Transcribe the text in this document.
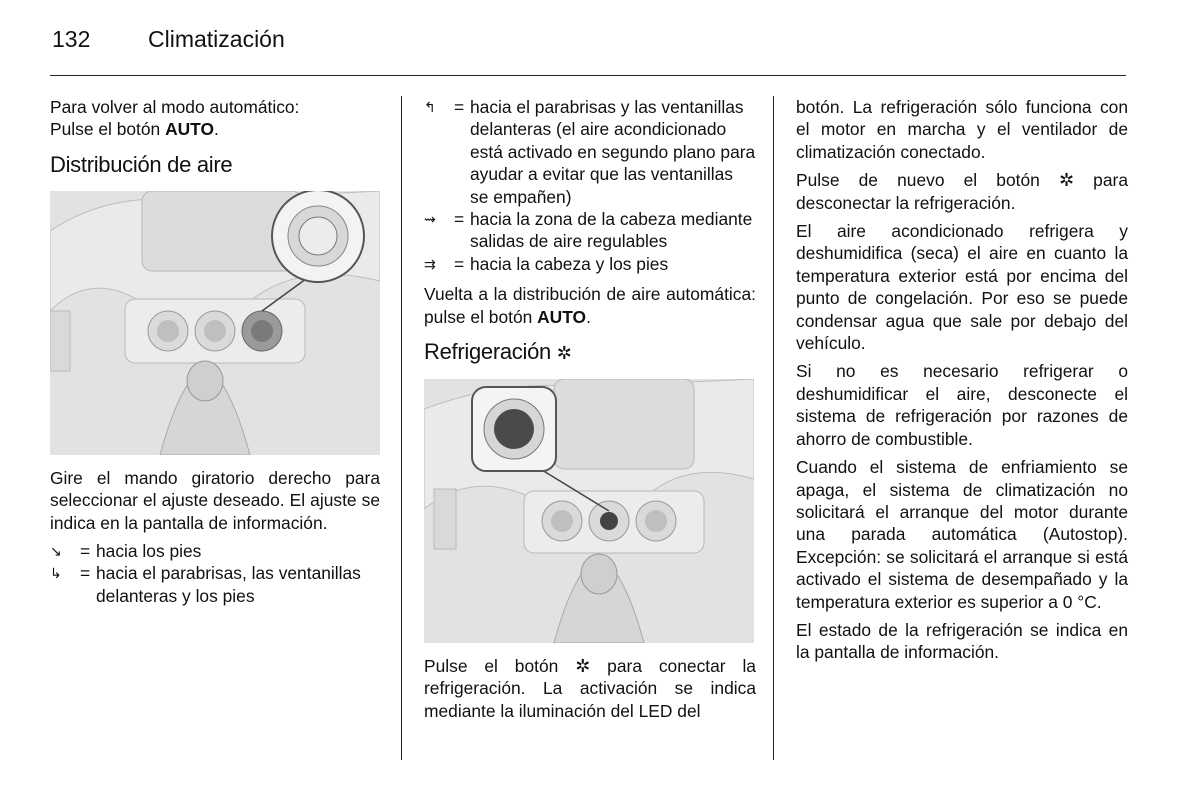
132	Climatización

Para volver al modo automático:
Pulse el botón AUTO.

Distribución de aire

Gire el mando giratorio derecho para seleccionar el ajuste deseado. El ajuste se indica en la pantalla de información.

↘	= hacia los pies
↳	= hacia el parabrisas, las ventanillas delanteras y los pies
↰	= hacia el parabrisas y las ventanillas delanteras (el aire acondicionado está activado en segundo plano para ayudar a evitar que las ventanillas se empañen)
⇝	= hacia la zona de la cabeza mediante salidas de aire regulables
⇉	= hacia la cabeza y los pies

Vuelta a la distribución de aire automática: pulse el botón AUTO.

Refrigeración ✲

Pulse el botón ✲ para conectar la refrigeración. La activación se indica mediante la iluminación del LED del

botón. La refrigeración sólo funciona con el motor en marcha y el ventilador de climatización conectado.

Pulse de nuevo el botón ✲ para desconectar la refrigeración.

El aire acondicionado refrigera y deshumidifica (seca) el aire en cuanto la temperatura exterior está por encima del punto de congelación. Por eso se puede condensar agua que sale por debajo del vehículo.

Si no es necesario refrigerar o deshumidificar el aire, desconecte el sistema de refrigeración por razones de ahorro de combustible.

Cuando el sistema de enfriamiento se apaga, el sistema de climatización no solicitará el arranque del motor durante una parada automática (Autostop). Excepción: se solicitará el arranque si está activado el sistema de desempañado y la temperatura exterior es superior a 0 °C.

El estado de la refrigeración se indica en la pantalla de información.
